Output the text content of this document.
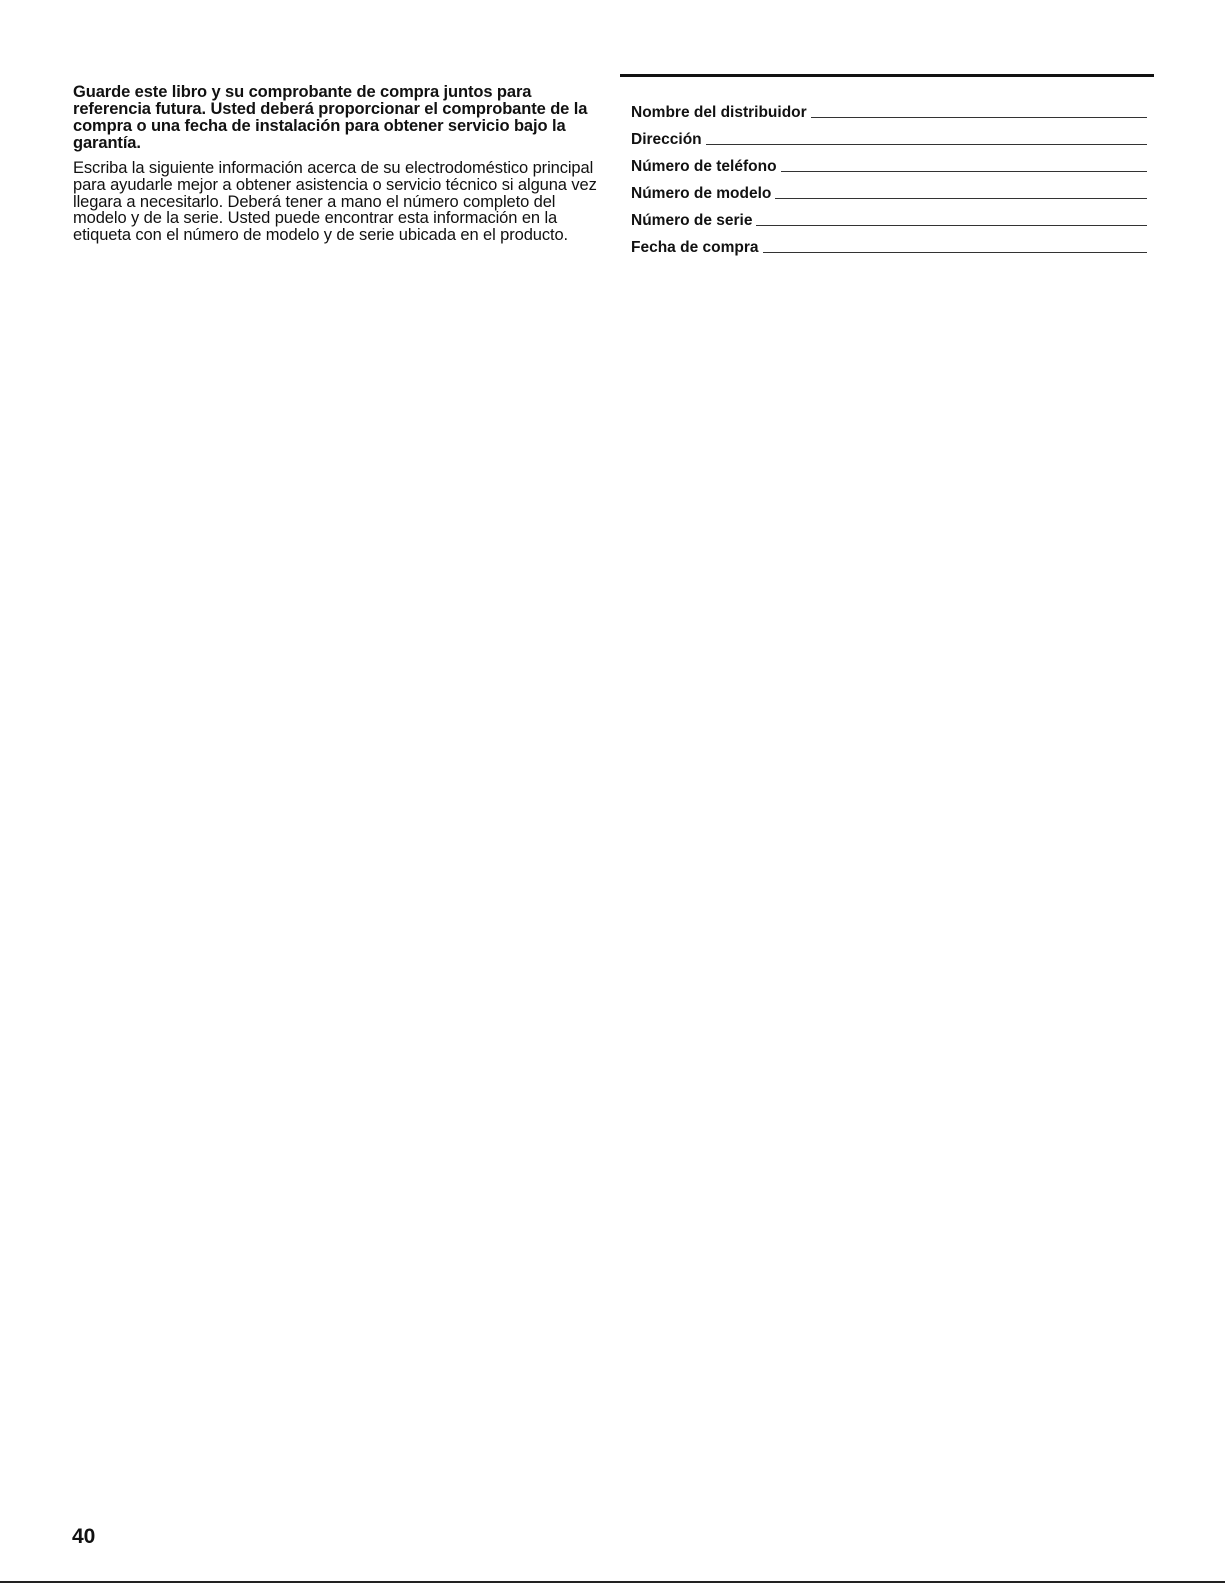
Guarde este libro y su comprobante de compra juntos para referencia futura. Usted deberá proporcionar el comprobante de la compra o una fecha de instalación para obtener servicio bajo la garantía.

Escriba la siguiente información acerca de su electrodoméstico principal para ayudarle mejor a obtener asistencia o servicio técnico si alguna vez llegara a necesitarlo. Deberá tener a mano el número completo del modelo y de la serie. Usted puede encontrar esta información en la etiqueta con el número de modelo y de serie ubicada en el producto.

Nombre del distribuidor
Dirección
Número de teléfono
Número de modelo
Número de serie
Fecha de compra
40
